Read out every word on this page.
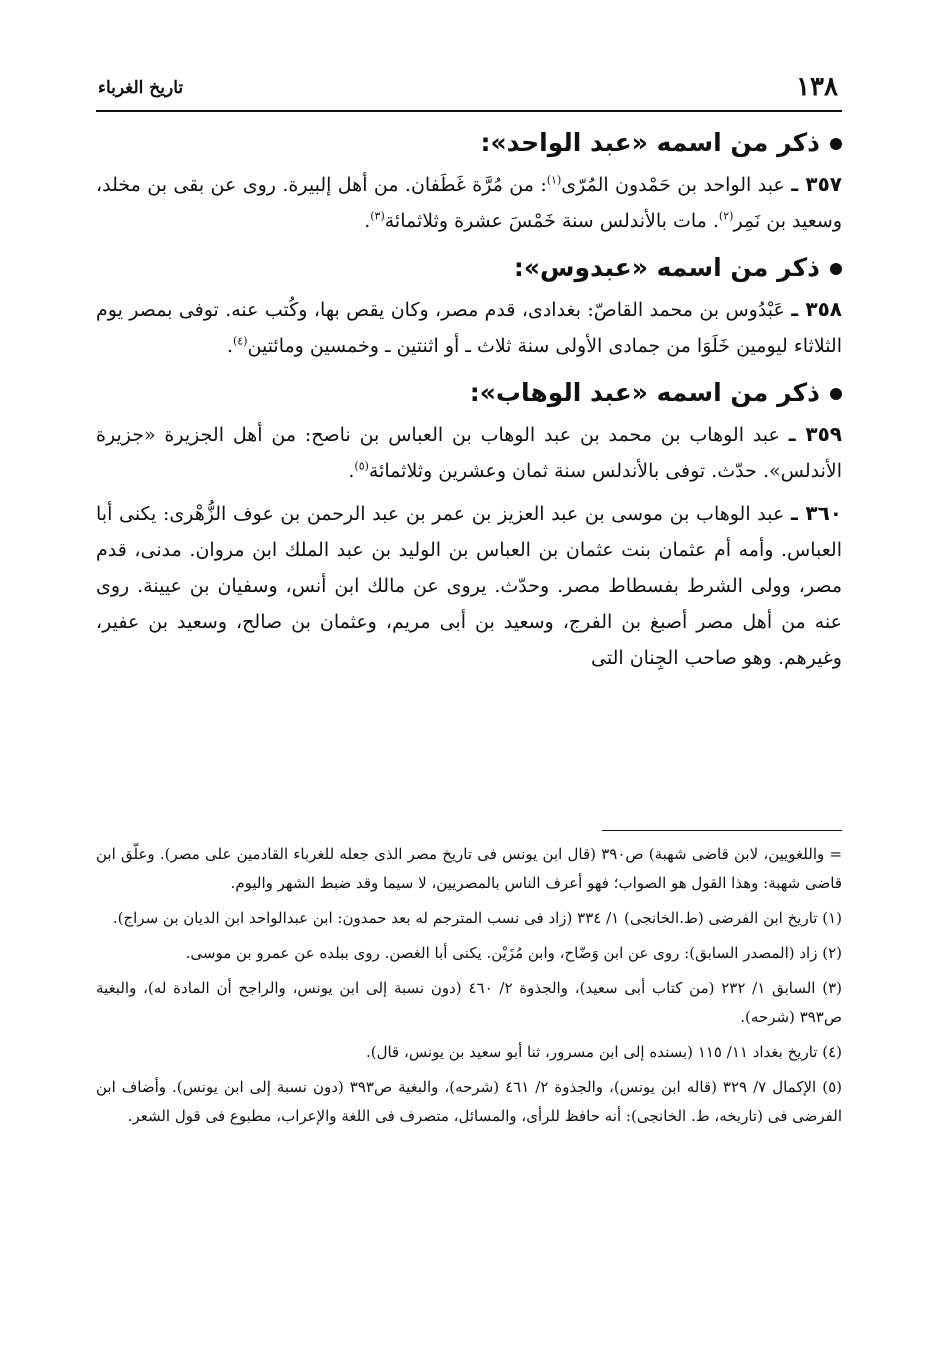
١٣٨
تاريخ الغرباء
ذكر من اسمه «عبد الواحد»:

٣٥٧ ـ عبد الواحد بن حَمْدون المُرّى$^{(١)}$: من مُرَّة غَطَفان. من أهل إلبيرة. روى عن بقى بن مخلد، وسعيد بن نَمِر$^{(٢)}$. مات بالأندلس سنة خَمْسَ عشرة وثلاثمائة$^{(٣)}$.

ذكر من اسمه «عبدوس»:

٣٥٨ ـ عَبْدُوس بن محمد القاصّ: بغدادى، قدم مصر، وكان يقص بها، وكُتب عنه. توفى بمصر يوم الثلاثاء ليومين خَلَوَا من جمادى الأولى سنة ثلاث ـ أو اثنتين ـ وخمسين ومائتين$^{(٤)}$.

ذكر من اسمه «عبد الوهاب»:

٣٥٩ ـ عبد الوهاب بن محمد بن عبد الوهاب بن العباس بن ناصح: من أهل الجزيرة «جزيرة الأندلس». حدّث. توفى بالأندلس سنة ثمان وعشرين وثلاثمائة$^{(٥)}$.

٣٦٠ ـ عبد الوهاب بن موسى بن عبد العزيز بن عمر بن عبد الرحمن بن عوف الزُّهْرى: يكنى أبا العباس. وأمه أم عثمان بنت عثمان بن العباس بن الوليد بن عبد الملك ابن مروان. مدنى، قدم مصر، وولى الشرط بفسطاط مصر. وحدّث. يروى عن مالك ابن أنس، وسفيان بن عيينة. روى عنه من أهل مصر أصبغ بن الفرج، وسعيد بن أبى مريم، وعثمان بن صالح، وسعيد بن عفير، وغيرهم. وهو صاحب الجِنان التى

= واللغويين، لابن قاضى شهبة) ص٣٩٠ (قال ابن يونس فى تاريخ مصر الذى جعله للغرباء القادمين على مصر). وعلّق ابن قاضى شهبة: وهذا القول هو الصواب؛ فهو أعرف الناس بالمصريين، لا سيما وقد ضبط الشهر واليوم.

(١) تاريخ ابن الفرضى (ط.الخانجى) ١/ ٣٣٤ (زاد فى نسب المترجم له بعد حمدون: ابن عبدالواحد ابن الديان بن سراج).

(٢) زاد (المصدر السابق): روى عن ابن وَضّاح، وابن مُزَيْن. يكنى أبا الغصن. روى ببلده عن عمرو بن موسى.

(٣) السابق ١/ ٢٣٢ (من كتاب أبى سعيد)، والجذوة ٢/ ٤٦٠ (دون نسبة إلى ابن يونس، والراجح أن المادة له)، والبغية ص٣٩٣ (شرحه).

(٤) تاريخ بغداد ١١/ ١١٥ (بسنده إلى ابن مسرور، ثنا أبو سعيد بن يونس، قال).

(٥) الإكمال ٧/ ٣٢٩ (قاله ابن يونس)، والجذوة ٢/ ٤٦١ (شرحه)، والبغية ص٣٩٣ (دون نسبة إلى ابن يونس). وأضاف ابن الفرضى فى (تاريخه، ط. الخانجى): أنه حافظ للرأى، والمسائل، متصرف فى اللغة والإعراب، مطبوع فى قول الشعر.
